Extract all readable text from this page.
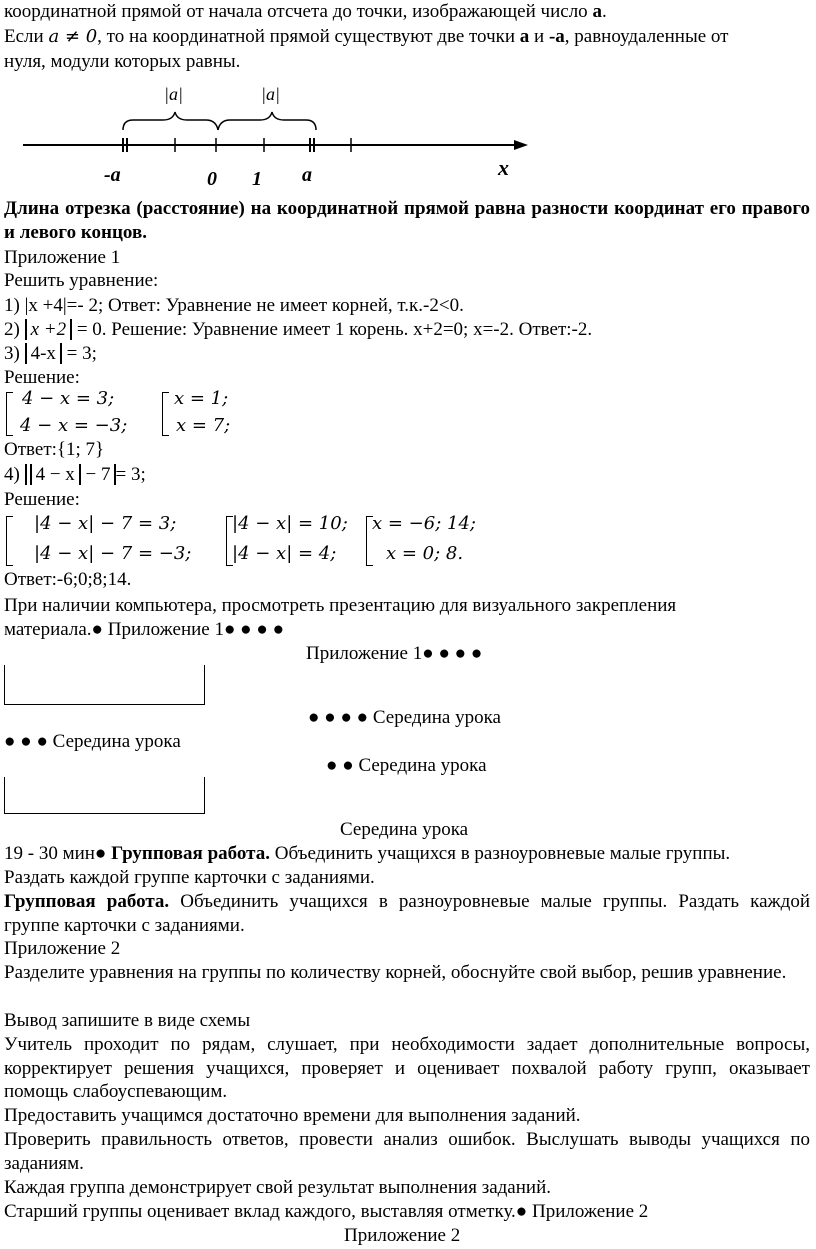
координатной прямой от начала отсчета до точки, изображающей число а.
Если 𝑎 ≠ 0, то на координатной прямой существуют две точки а и -а, равноудаленные от
нуля, модули которых равны.
|a|	|a|
-a	0 1 a	x
Длина отрезка (расстояние) на координатной прямой равна разности координат его правого и левого концов.
Приложение 1
Решить уравнение:
1) |x +4|=- 2; Ответ: Уравнение не имеет корней, т.к.-2<0.
2) x +2 = 0. Решение: Уравнение имеет 1 корень. x+2=0; x=-2. Ответ:-2.
3) 4-х = 3;
Решение:
4 − 𝑥 = 3;
4 − 𝑥 = −3;
𝑥 = 1;
𝑥 = 7;
Ответ:{1; 7}
4) 4 − x − 7 = 3;
Решение:
|4 − 𝑥| − 7 = 3;
|4 − 𝑥| − 7 = −3;
|4 − 𝑥| = 10;
|4 − 𝑥| = 4;
𝑥 = −6; 14;
𝑥 = 0; 8.
Ответ:-6;0;8;14.
При наличии компьютера, просмотреть презентацию для визуального закрепления
материала.● Приложение 1● ● ● ●
Приложение 1● ● ● ●
● ● ● ● Середина урока
● ● ● Середина урока
● ● Середина урока
Середина урока
19 - 30 мин● Групповая работа. Объединить учащихся в разноуровневые малые группы.
Раздать каждой группе карточки с заданиями.
Групповая работа. Объединить учащихся в разноуровневые малые группы. Раздать каждой группе карточки с заданиями.
Приложение 2
Разделите уравнения на группы по количеству корней, обоснуйте свой выбор, решив уравнение.
Вывод запишите в виде схемы
Учитель проходит по рядам, слушает, при необходимости задает дополнительные вопросы, корректирует решения учащихся, проверяет и оценивает похвалой работу групп, оказывает помощь слабоуспевающим.
Предоставить учащимся достаточно времени для выполнения заданий.
Проверить правильность ответов, провести анализ ошибок. Выслушать выводы учащихся по заданиям.
Каждая группа демонстрирует свой результат выполнения заданий.
Старший группы оценивает вклад каждого, выставляя отметку.● Приложение 2
Приложение 2
